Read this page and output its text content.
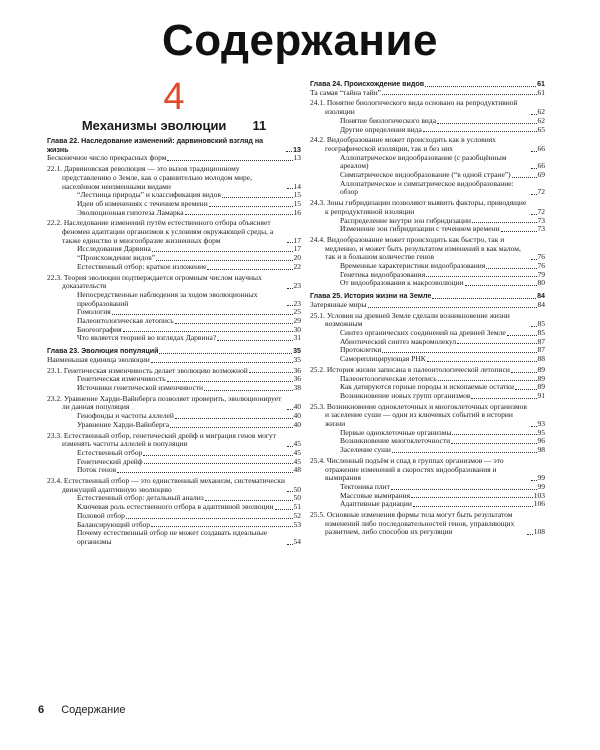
Содержание
4
Механизмы эволюции 11
Глава 22. Наследование изменений: дарвиновский взгляд на жизнь	13
Бесконечное число прекрасных форм	13
22.1. Дарвиновская революция — это вызов традиционному представлению о Земле, как о сравнительно молодом мире, населённом неизменными видами	14
“Лестница природы” и классификация видов	15
Идеи об изменениях с течением времени	15
Эволюционная гипотеза Ламарка	16
22.2. Наследование изменений путём естественного отбора объясняет феномен адаптации организмов к условиям окружающей среды, а также единство и многообразие жизненных форм	17
Исследования Дарвина	17
“Происхождение видов”	20
Естественный отбор: краткое изложение	22
22.3. Теория эволюции подтверждается огромным числом научных доказательств	23
Непосредственные наблюдения за ходом эволюционных преобразований	23
Гомология	25
Палеонтологическая летопись	29
Биогеография	30
Что является теорией во взглядах Дарвина?	31
Глава 23. Эволюция популяций	35
Наименьшая единица эволюции	35
23.1. Генетическая изменчивость делает эволюцию возможной	36
Генетическая изменчивость	36
Источники генетической изменчивости	38
23.2. Уравнение Харди-Вайнберга позволяет проверить, эволюционирует ли данная популяция	40
Генофонды и частоты аллелей	40
Уравнение Харди-Вайнберга	40
23.3. Естественный отбор, генетический дрейф и миграция генов могут изменять частоты аллелей в популяции	45
Естественный отбор	45
Генетический дрейф	45
Поток генов	48
23.4. Естественный отбор — это единственный механизм, систематически движущий адаптивную эволюцию	50
Естественный отбор: детальный анализ	50
Ключевая роль естественного отбора в адаптивной эволюции	51
Половой отбор	52
Балансирующий отбор	53
Почему естественный отбор не может создавать идеальные организмы	54
Глава 24. Происхождение видов	61
Та самая “тайна тайн”	61
24.1. Понятие биологического вида основано на репродуктивной изоляции	62
Понятие биологического вида	62
Другие определения вида	65
24.2. Видообразование может происходить как в условиях географической изоляции, так и без них	66
Аллопатрическое видообразование (с разобщённым ареалом)	66
Симпатрическое видообразование (“в одной стране”)	69
Аллопатрическое и симпатрическое видообразование: обзор	72
24.3. Зоны гибридизации позволяют выявить факторы, приводящие к репродуктивной изоляции	72
Распределение внутри зон гибридизации	73
Изменение зон гибридизации с течением времени	73
24.4. Видообразование может происходить как быстро, так и медленно, и может быть результатом изменений в как малом, так и в большом количестве генов	76
Временные характеристики видообразования	76
Генетика видообразования	79
От видообразования к макроэволюции	80
Глава 25. История жизни на Земле	84
Затерянные миры	84
25.1. Условия на древней Земле сделали возникновение жизни возможным	85
Синтез органических соединений на древней Земле	85
Абиотический синтез макромолекул	87
Протоклетки	87
Самореплицирующая РНК	88
25.2. История жизни записана в палеонтологической летописи	89
Палеонтологическая летопись	89
Как датируются горные породы и ископаемые остатки	89
Возникновение новых групп организмов	91
25.3. Возникновение одноклеточных и многоклеточных организмов и заселение суши — одни из ключевых событий в истории жизни	93
Первые одноклеточные организмы	95
Возникновение многоклеточности	96
Заселение суши	98
25.4. Численный подъём и спад в группах организмов — это отражение изменений в скоростях видообразования и вымирания	99
Тектоника плит	99
Массовые вымирания	103
Адаптивные радиации	106
25.5. Основные изменения формы тела могут быть результатом изменений либо последовательностей генов, управляющих развитием, либо способов их регуляции	108
6 Содержание
